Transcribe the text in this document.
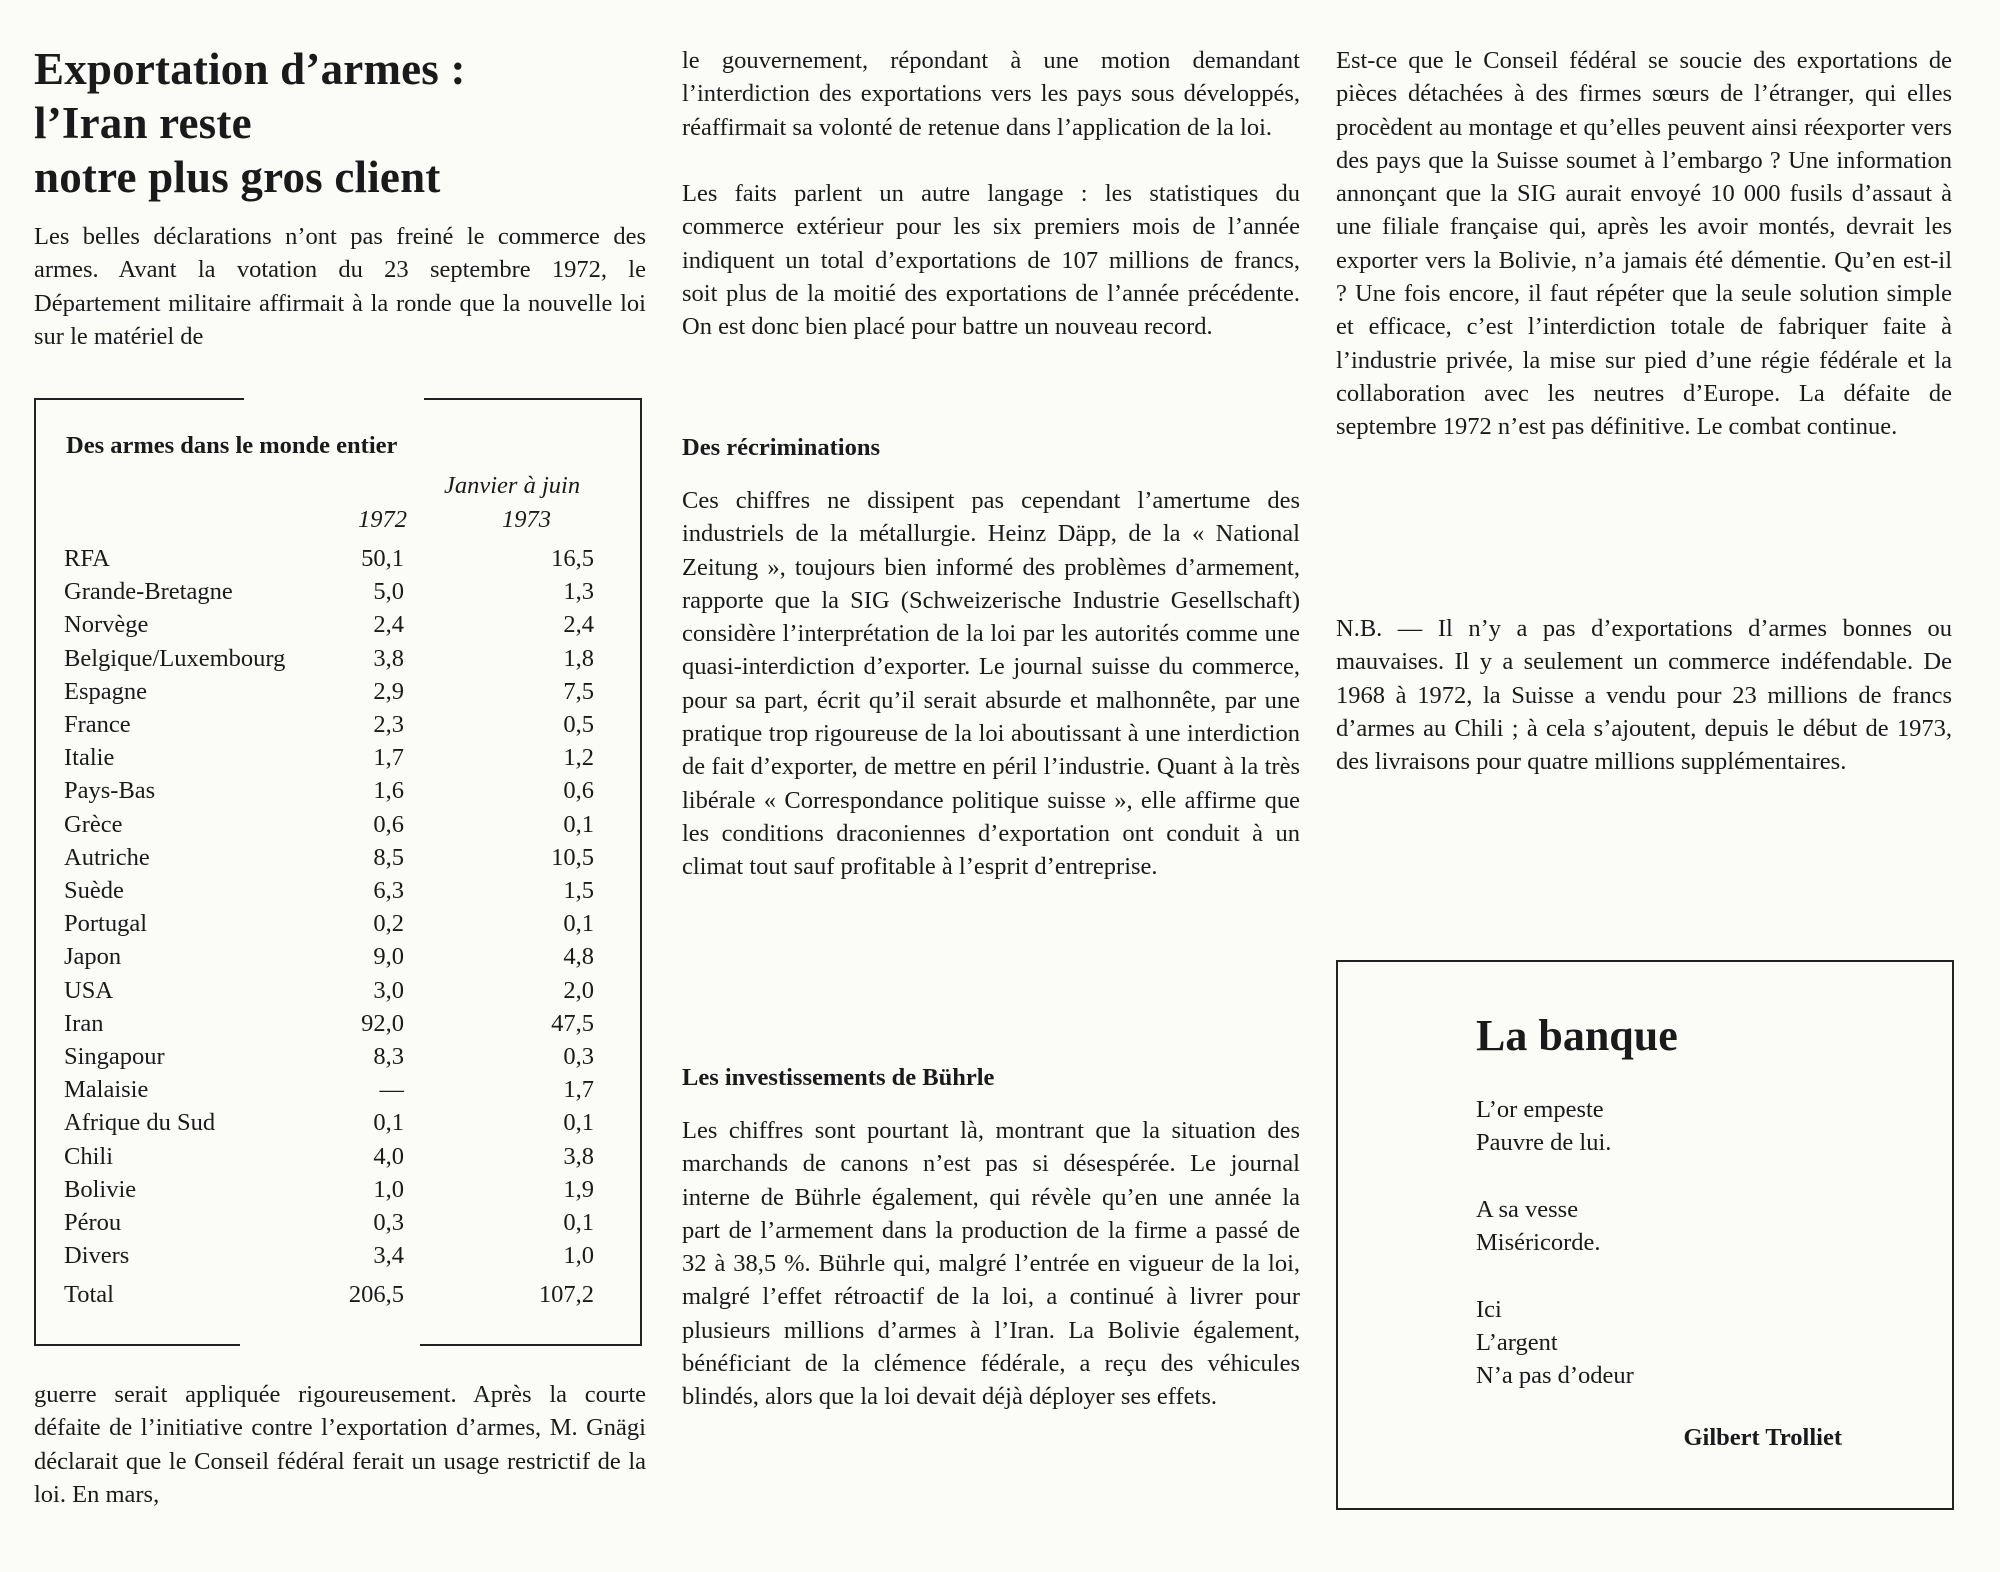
Exportation d’armes :
l’Iran reste
notre plus gros client

Les belles déclarations n’ont pas freiné le commerce des armes. Avant la votation du 23 septembre 1972, le Département militaire affirmait à la ronde que la nouvelle loi sur le matériel de

Des armes dans le monde entier

Janvier à juin

1972	1973

RFA	50,1	16,5
Grande-Bretagne	5,0	1,3
Norvège	2,4	2,4
Belgique/Luxembourg	3,8	1,8
Espagne	2,9	7,5
France	2,3	0,5
Italie	1,7	1,2
Pays-Bas	1,6	0,6
Grèce	0,6	0,1
Autriche	8,5	10,5
Suède	6,3	1,5
Portugal	0,2	0,1
Japon	9,0	4,8
USA	3,0	2,0
Iran	92,0	47,5
Singapour	8,3	0,3
Malaisie	—	1,7
Afrique du Sud	0,1	0,1
Chili	4,0	3,8
Bolivie	1,0	1,9
Pérou	0,3	0,1
Divers	3,4	1,0
Total	206,5	107,2

guerre serait appliquée rigoureusement. Après la courte défaite de l’initiative contre l’exportation d’armes, M. Gnägi déclarait que le Conseil fédéral ferait un usage restrictif de la loi. En mars,

le gouvernement, répondant à une motion demandant l’interdiction des exportations vers les pays sous développés, réaffirmait sa volonté de retenue dans l’application de la loi.

Les faits parlent un autre langage : les statistiques du commerce extérieur pour les six premiers mois de l’année indiquent un total d’exportations de 107 millions de francs, soit plus de la moitié des exportations de l’année précédente. On est donc bien placé pour battre un nouveau record.

Des récriminations

Ces chiffres ne dissipent pas cependant l’amertume des industriels de la métallurgie. Heinz Däpp, de la « National Zeitung », toujours bien informé des problèmes d’armement, rapporte que la SIG (Schweizerische Industrie Gesellschaft) considère l’interprétation de la loi par les autorités comme une quasi-interdiction d’exporter. Le journal suisse du commerce, pour sa part, écrit qu’il serait absurde et malhonnête, par une pratique trop rigoureuse de la loi aboutissant à une interdiction de fait d’exporter, de mettre en péril l’industrie. Quant à la très libérale « Correspondance politique suisse », elle affirme que les conditions draconiennes d’exportation ont conduit à un climat tout sauf profitable à l’esprit d’entreprise.

Les investissements de Bührle

Les chiffres sont pourtant là, montrant que la situation des marchands de canons n’est pas si désespérée. Le journal interne de Bührle également, qui révèle qu’en une année la part de l’armement dans la production de la firme a passé de 32 à 38,5 %. Bührle qui, malgré l’entrée en vigueur de la loi, malgré l’effet rétroactif de la loi, a continué à livrer pour plusieurs millions d’armes à l’Iran. La Bolivie également, bénéficiant de la clémence fédérale, a reçu des véhicules blindés, alors que la loi devait déjà déployer ses effets.

Est-ce que le Conseil fédéral se soucie des exportations de pièces détachées à des firmes sœurs de l’étranger, qui elles procèdent au montage et qu’elles peuvent ainsi réexporter vers des pays que la Suisse soumet à l’embargo ? Une information annonçant que la SIG aurait envoyé 10 000 fusils d’assaut à une filiale française qui, après les avoir montés, devrait les exporter vers la Bolivie, n’a jamais été démentie. Qu’en est-il ? Une fois encore, il faut répéter que la seule solution simple et efficace, c’est l’interdiction totale de fabriquer faite à l’industrie privée, la mise sur pied d’une régie fédérale et la collaboration avec les neutres d’Europe. La défaite de septembre 1972 n’est pas définitive. Le combat continue.

N.B. — Il n’y a pas d’exportations d’armes bonnes ou mauvaises. Il y a seulement un commerce indéfendable. De 1968 à 1972, la Suisse a vendu pour 23 millions de francs d’armes au Chili ; à cela s’ajoutent, depuis le début de 1973, des livraisons pour quatre millions supplémentaires.

La banque

L’or empeste

Pauvre de lui.

A sa vesse

Miséricorde.

Ici

L’argent

N’a pas d’odeur

Gilbert Trolliet
